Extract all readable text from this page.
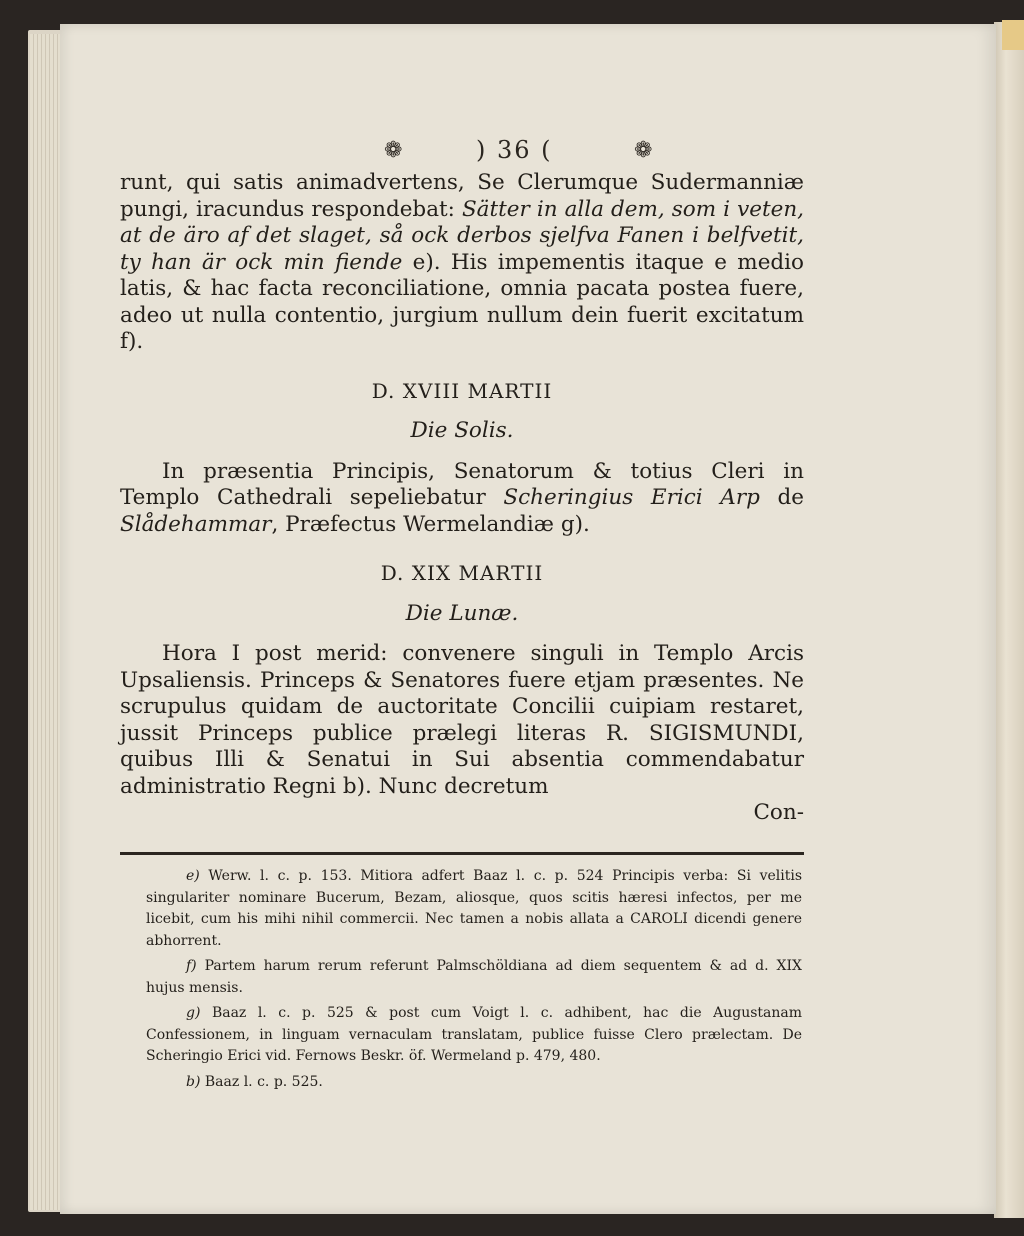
❁	) 36 (	❁

runt, qui satis animadvertens, Se Clerumque Sudermanniæ pungi, iracundus respondebat: Sätter in alla dem, som i veten, at de äro af det slaget, så ock derbos sjelfva Fanen i belfvetit, ty han är ock min fiende e). His impementis itaque e medio latis, & hac facta reconciliatione, omnia pacata postea fuere, adeo ut nulla contentio, jurgium nullum dein fuerit excitatum f).

D. XVIII MARTII
Die Solis.

In præsentia Principis, Senatorum & totius Cleri in Templo Cathedrali sepeliebatur Scheringius Erici Arp de Slådehammar, Præfectus Wermelandiæ g).

D. XIX MARTII
Die Lunæ.

Hora I post merid: convenere singuli in Templo Arcis Upsaliensis. Princeps & Senatores fuere etjam præsentes. Ne scrupulus quidam de auctoritate Concilii cuipiam restaret, jussit Princeps publice prælegi literas R. SIGISMUNDI, quibus Illi & Senatui in Sui absentia commendabatur administratio Regni b). Nunc decretum

Con-

e) Werw. l. c. p. 153. Mitiora adfert Baaz l. c. p. 524 Principis verba: Si velitis singulariter nominare Bucerum, Bezam, aliosque, quos scitis hæresi infectos, per me licebit, cum his mihi nihil commercii. Nec tamen a nobis allata a CAROLI dicendi genere abhorrent.

f) Partem harum rerum referunt Palmschöldiana ad diem sequentem & ad d. XIX hujus mensis.

g) Baaz l. c. p. 525 & post cum Voigt l. c. adhibent, hac die Augustanam Confessionem, in linguam vernaculam translatam, publice fuisse Clero prælectam. De Scheringio Erici vid. Fernows Beskr. öf. Wermeland p. 479, 480.

b) Baaz l. c. p. 525.
